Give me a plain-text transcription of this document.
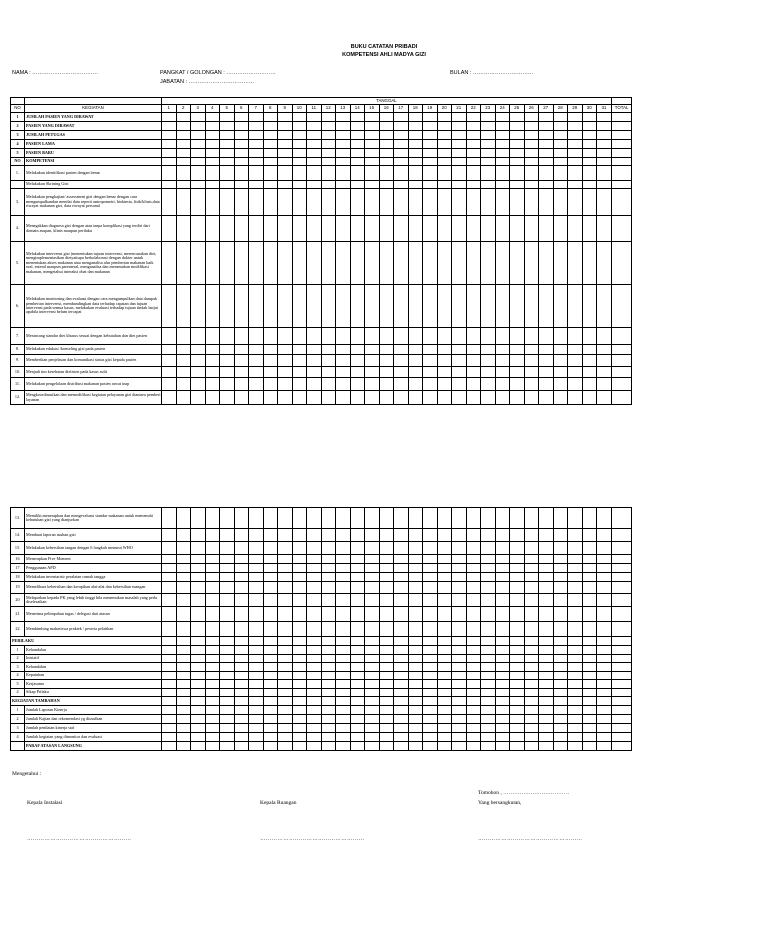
BUKU CATATAN PRIBADI
KOMPETENSI AHLI MADYA GIZI
NAMA : ………………………………	PANGKAT / GOLONGAN : ………………………
JABATAN : ………………………………
BULAN : ……………………………
		TANGGAL																															
NO	KEGIATAN	1	2	3	4	5	6	7	8	9	10	11	12	13	14	15	16	17	18	19	20	21	22	23	24	25	26	27	28	29	30	31	TOTAL
1	JUMLAH PASIEN YANG DIRAWAT																																
2	PASIEN YANG DIRAWAT																																
3	JUMLAH PETUGAS																																
4	PASIEN LAMA																																
5	PASIEN BARU																																
NO	KOMPETENSI																																
1.	Melakukan identifikasi pasien dengan benar																																
	Melakukan Skrining Gizi																																
3.	Melakukan pengkajian/ assessment gizi dengan benar dengan cara mengumpulkandan menilai data seperti antropometri, biokimia, fisik/klinis,data riwayat makanan gizi, data riwayat personal																																
4.	Menegakkan diagnosa gizi dengan atau tanpa komplikasi yang terdiri dari domain asupan, klinis maupun perilaku																																
5.	Melakukan intervensi gizi (menentukan tujuan intervensi, merencanakan diet, mengimplementasikan dietyaitupu berkolaborasi dengan dokter untuk menentukan akses makanan atau menganalisa alur pemberian makanan baik oral, enteral maupun parenteral, menganalisa dan menentukan modifikasi makanan, mengetahui interaksi obat dan makanan																																
6.	Melakukan monitoring dan evaluasi dengan cara mengumpulkan data dampak pemberian intervensi, membandingkan data terhadap capaian dan tujuan intervensi pada semua kasus, melakukan evaluasi terhadap tujuan tindak lanjut apabila intervensi belum tercapai																																
7.	Merancang standar diet khusus sesuai dengan kebutuhan dan diet pasien																																
8.	Melakukan edukasi /konseling gizi pada pasien																																
9.	Memberikan penjelasan dan komunikasi status gizi kepada pasien																																
10.	Menjadi tim kesehatan dietisien pada kasus sulit																																
11.	Melakukan pengelolaan distribusi makanan pasien rawat inap																																
12.	Mengkoordinasikan dan memodifikasi kegiatan pelayanan gizi diantara pemberi layanan																																
13.	Memiliki,menerapkan dan mengevaluasi standar makanan untuk memenuhi kebutuhan gizi yang dianjurkan																																
14.	Membuat laporan asuhan gizi																																
15.	Melakukan kebersihan tangan dengan 6 langkah menurut WHO																																
16	Menerapkan Five Moment																																
17	Penggunaan APD																																
18	Melakukan inventarisir peralatan rumah tangga																																
19	Memelihara kebersihan dan kerapihan alat-alat dan kebersihan ruangan																																
20	Melaporkan kepada PK yang lebih tinggi bila menemukan masalah yang perlu diselesaikan																																
21	Menerima pelimpahan tugas / delegasi dari atasan																																
22	Membimbing mahasiswa praktek / peserta pelatihan																																
PERILAKU																																	
1	Kehandalan																																
2	Inisiatif																																
3	Kehandalan																																
4	Kepatuhan																																
5	Kerjasama																																
4	Sikap Prilaku																																
KEGIATAN TAMBAHAN																																	
1	Jumlah Laporan Kinerja																																
2	Jumlah Kajian dan rekomendasi yg diusulkan																																
3	Jumlah penilaian kinerja staf																																
4	Jumlah kegiatan yang dimonitor dan evaluasi																																
	PARAF ATASAN LANGSUNG																																
Mengetahui :
Tomohon , ………………………………
Kepala Instalasi	Kepala Ruangan	Yang bersangkutan,
………………………………………………	………………………………………………	………………………………………………
